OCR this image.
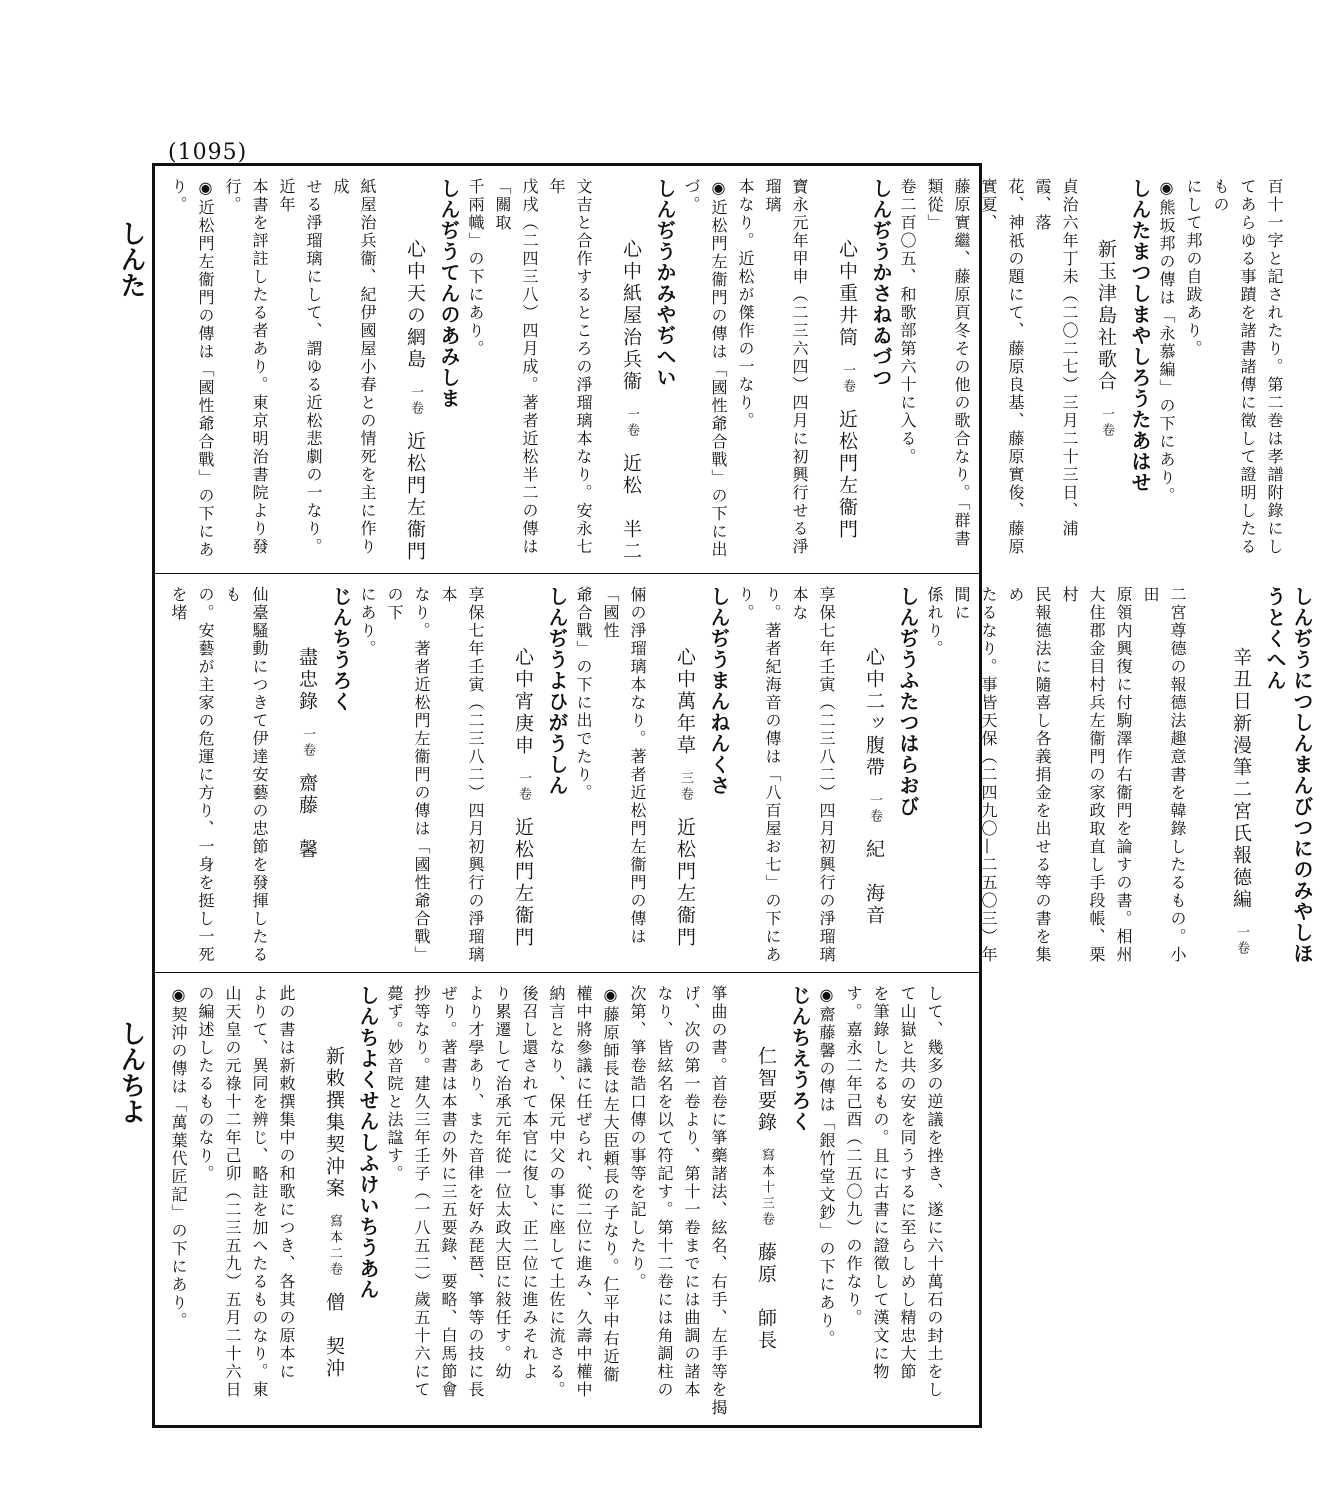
(1095)
しんた
しんちよ

百十一字と記されたり。第二巻は孝譜附錄にしてあらゆる事蹟を諸書諸傳に徵して證明したるもの

にして邦の自跋あり。

◉熊坂邦の傳は「永慕編」の下にあり。

しんたまつしまやしろうたあはせ

新玉津島社歌合一卷

貞治六年丁未（二〇二七）三月二十三日、浦霞、落

花、神祇の題にて、藤原良基、藤原實俊、藤原實夏、

藤原實繼、藤原頁冬その他の歌合なり。「群書類從」

卷二百〇五、和歌部第六十に入る。

しんぢうかさねゐづつ

心中重井筒一卷近松門左衞門

寶永元年甲申（二三六四）四月に初興行せる淨瑠璃

本なり。近松が傑作の一なり。

◉近松門左衞門の傳は「國性爺合戰」の下に出づ。

しんぢうかみやぢへい

心中紙屋治兵衞一卷近松　半二

文吉と合作するところの淨瑠璃本なり。安永七年

戊戌（二四三八）四月成。著者近松半二の傳は「關取

千兩幟」の下にあり。

しんぢうてんのあみしま

心中天の網島一卷近松門左衞門

紙屋治兵衞、紀伊國屋小春との情死を主に作り成

せる淨瑠璃にして、謂ゆる近松悲劇の一なり。近年

本書を評註したる者あり。東京明治書院より發行。

◉近松門左衞門の傳は「國性爺合戰」の下にあり。

しんぢうにつしんまんびつにのみやしほうとくへん

辛丑日新漫筆二宮氏報德編一卷

二宮尊德の報德法趣意書を韓錄したるもの。小田

原領内興復に付駒澤作右衞門を論すの書。相州

大住郡金目村兵左衞門の家政取直し手段帳、栗村

民報德法に隨喜し各義捐金を出せる等の書を集め

たるなり。事皆天保（二四九〇—二五〇三）年間に

係れり。

しんぢうふたつはらおび

心中二ッ腹帶一卷紀　海音

享保七年壬寅（二三八二）四月初興行の淨瑠璃本な

り。著者紀海音の傳は「八百屋お七」の下にあり。

しんぢうまんねんくさ

心中萬年草三卷近松門左衞門

倆の淨瑠璃本なり。著者近松門左衞門の傳は「國性

爺合戰」の下に出でたり。

しんぢうよひがうしん

心中宵庚申一卷近松門左衞門

享保七年壬寅（二三八二）四月初興行の淨瑠璃本

なり。著者近松門左衞門の傳は「國性爺合戰」の下

にあり。

じんちうろく

盡忠錄一卷齋藤　馨

仙臺騷動につきて伊達安藝の忠節を發揮したるも

の。安藝が主家の危運に方り、一身を挺し一死を堵

して、幾多の逆議を挫き、遂に六十萬石の封土をし

て山嶽と共の安を同うするに至らしめし精忠大節

を筆錄したるもの。且に古書に證徵して漢文に物

す。嘉永二年己酉（二五〇九）の作なり。

◉齋藤馨の傳は「銀竹堂文鈔」の下にあり。

じんちえうろく

仁智要錄寫本十三卷藤原　師長

箏曲の書。首卷に箏藥諸法、絃名、右手、左手等を揭

げ、次の第一卷より、第十一卷までには曲調の諸本

なり、皆絃名を以て符記す。第十二卷には角調柱の

次第、箏卷誥口傳の事等を記したり。

◉藤原師長は左大臣頼長の子なり。仁平中右近衞

權中將參議に任ぜられ、從二位に進み、久壽中權中

納言となり、保元中父の事に座して土佐に流さる。

後召し還されて本官に復し、正二位に進みそれよ

り累遷して治承元年從一位太政大臣に敍任す。幼

より才學あり、また音律を好み琵琶、箏等の技に長

ぜり。著書は本書の外に三五要錄、要略、白馬節會

抄等なり。建久三年壬子（一八五二）歲五十六にて

薨ず。妙音院と法諡す。

しんちよくせんしふけいちうあん

新敕撰集契沖案寫本二卷僧　契沖

此の書は新敕撰集中の和歌につき、各其の原本に

よりて、異同を辨じ、略註を加へたるものなり。東

山天皇の元祿十二年己卯（二三五九）五月二十六日

の編述したるものなり。

◉契沖の傳は「萬葉代匠記」の下にあり。
